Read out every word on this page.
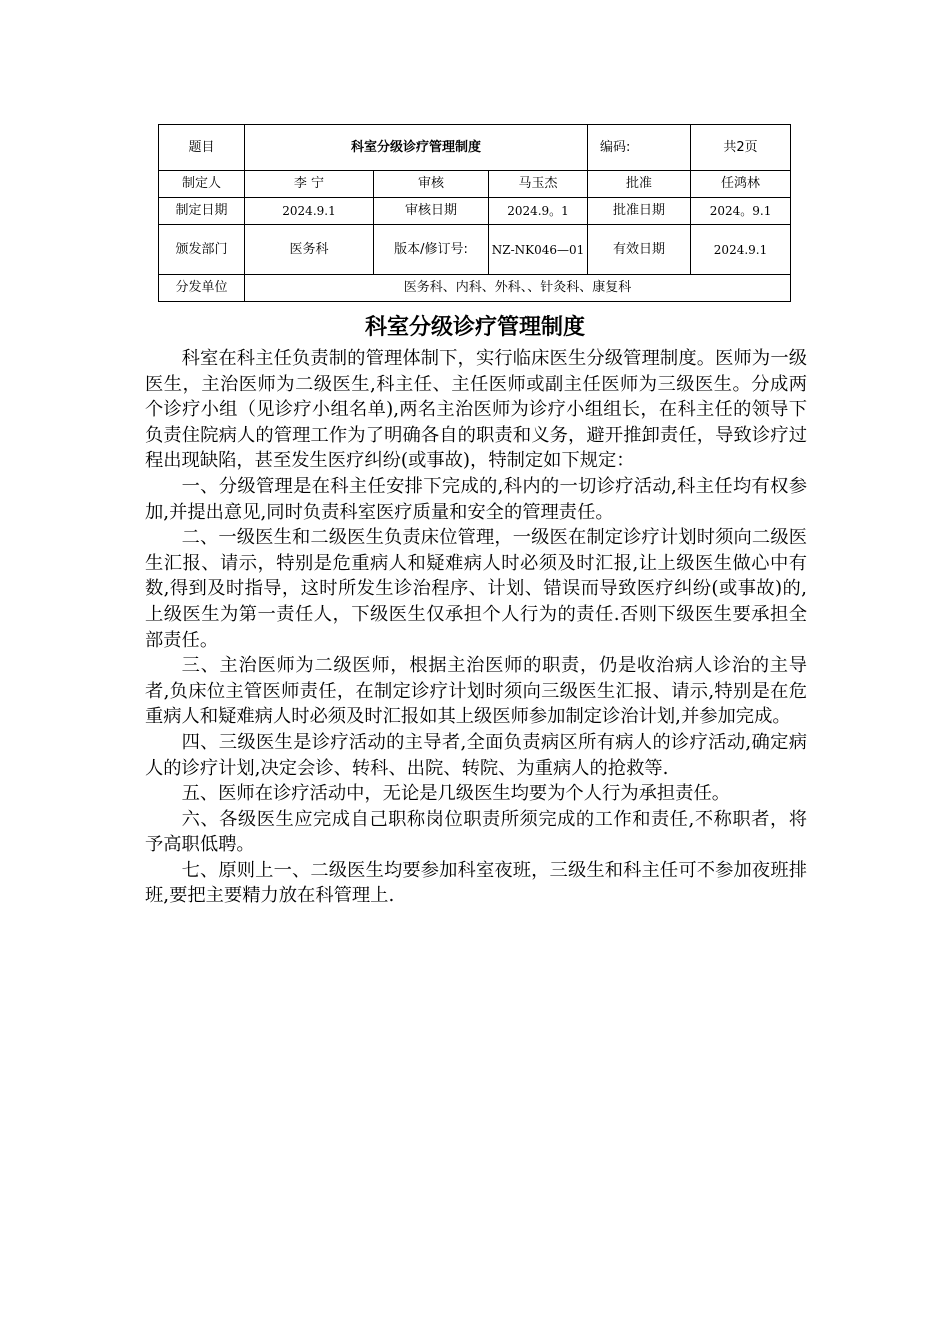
题目	科室分级诊疗管理制度			编码:	共2页
制定人	李 宁	审核	马玉杰	批准	任鸿林
制定日期	2024.9.1	审核日期	2024.9。1	批准日期	2024。9.1
颁发部门	医务科	版本/修订号:	NZ-NK046—01	有效日期	2024.9.1
分发单位	医务科、内科、外科、、针灸科、康复科				
科室分级诊疗管理制度

科室在科主任负责制的管理体制下，实行临床医生分级管理制度。医师为一级医生，主治医师为二级医生,科主任、主任医师或副主任医师为三级医生。分成两个诊疗小组（见诊疗小组名单),两名主治医师为诊疗小组组长，在科主任的领导下负责住院病人的管理工作为了明确各自的职责和义务，避开推卸责任，导致诊疗过程出现缺陷，甚至发生医疗纠纷(或事故)，特制定如下规定：

一、分级管理是在科主任安排下完成的,科内的一切诊疗活动,科主任均有权参加,并提出意见,同时负责科室医疗质量和安全的管理责任。

二、一级医生和二级医生负责床位管理，一级医在制定诊疗计划时须向二级医生汇报、请示，特别是危重病人和疑难病人时必须及时汇报,让上级医生做心中有数,得到及时指导，这时所发生诊治程序、计划、错误而导致医疗纠纷(或事故)的,上级医生为第一责任人，下级医生仅承担个人行为的责任.否则下级医生要承担全部责任。

三、主治医师为二级医师，根据主治医师的职责，仍是收治病人诊治的主导者,负床位主管医师责任，在制定诊疗计划时须向三级医生汇报、请示,特别是在危重病人和疑难病人时必须及时汇报如其上级医师参加制定诊治计划,并参加完成。

四、三级医生是诊疗活动的主导者,全面负责病区所有病人的诊疗活动,确定病人的诊疗计划,决定会诊、转科、出院、转院、为重病人的抢救等.

五、医师在诊疗活动中，无论是几级医生均要为个人行为承担责任。

六、各级医生应完成自己职称岗位职责所须完成的工作和责任,不称职者，将予高职低聘。

七、原则上一、二级医生均要参加科室夜班，三级生和科主任可不参加夜班排班,要把主要精力放在科管理上.
